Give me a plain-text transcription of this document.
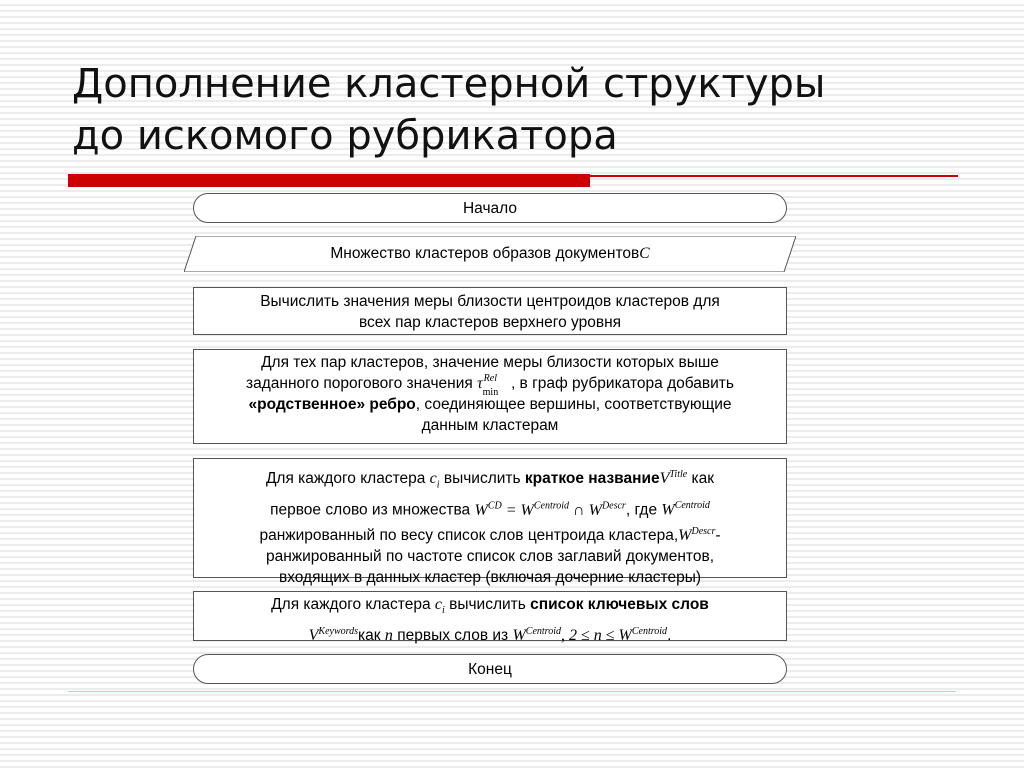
Дополнение кластерной структуры
до искомого рубрикатора
Начало
Множество кластеров образов документов C
Вычислить значения меры близости центроидов кластеров для
всех пар кластеров верхнего уровня
Для тех пар кластеров, значение меры близости которых выше
заданного порогового значения τ Rel
min
, в граф рубрикатора добавить
«родственное» ребро, соединяющее вершины, соответствующие
данным кластерам
Для каждого кластера $c_i$ вычислить краткое названиеV$^{Title}$ как
первое слово из множества $W^{CD} = W^{Centroid}$ ∩ $W^{Descr}$, где $W^{Centroid}$
ранжированный по весу список слов центроида $кластера,W^{Descr}-$
ранжированный по частоте список слов заглавий документов,
входящих в данных кластер (включая дочерние кластеры)
Для каждого кластера $c_i$ вычислить список ключевых слов
$V^{Keywords}как$ n первых слов из $W^{Centroid}$, $2 \le n \le W^{Centroid}$.
Конец
